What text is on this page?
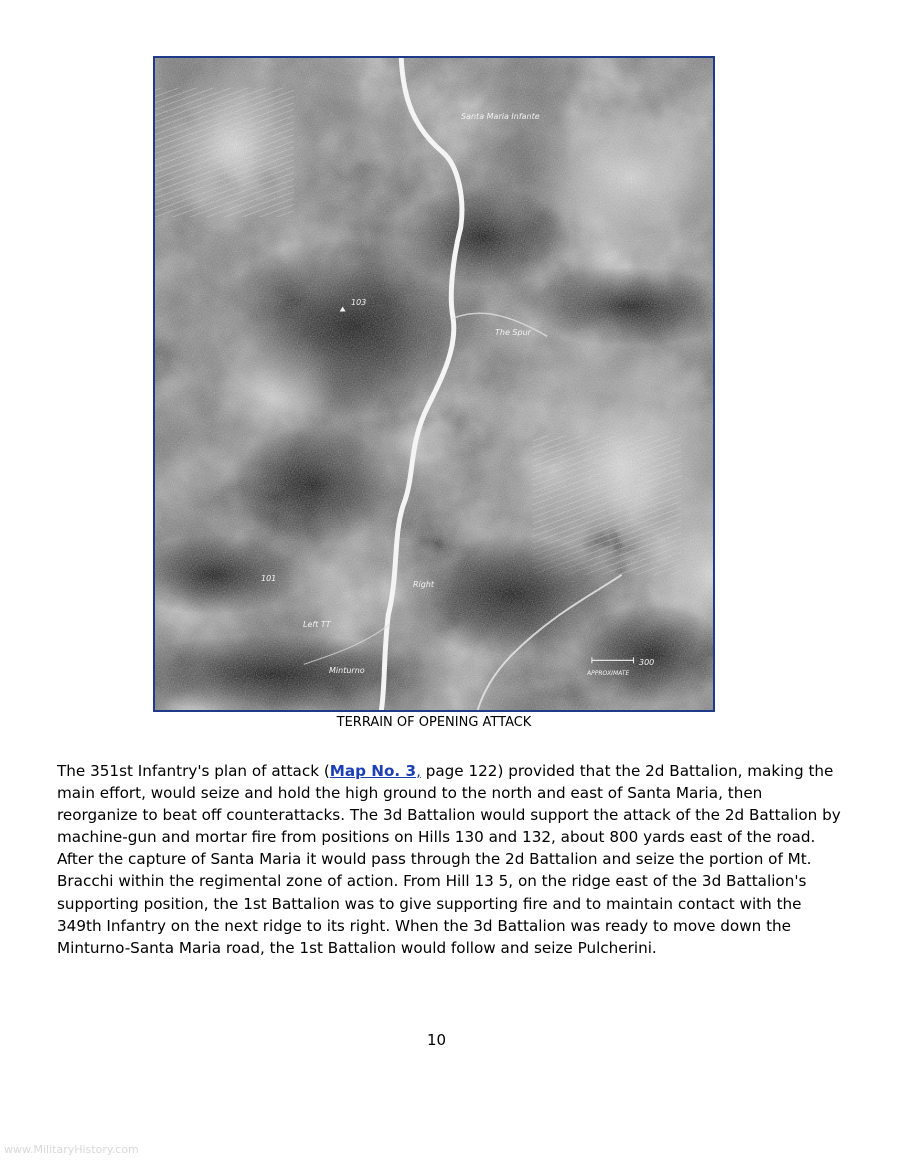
Santa Maria Infante
103
The Spur
101
Right
Left TT
Minturno
300
APPROXIMATE
TERRAIN OF OPENING ATTACK
The 351st Infantry's plan of attack (Map No. 3, page 122) provided that the 2d Battalion, making the main effort, would seize and hold the high ground to the north and east of Santa Maria, then reorganize to beat off counterattacks. The 3d Battalion would support the attack of the 2d Battalion by machine-gun and mortar fire from positions on Hills 130 and 132, about 800 yards east of the road. After the capture of Santa Maria it would pass through the 2d Battalion and seize the portion of Mt. Bracchi within the regimental zone of action. From Hill 13 5, on the ridge east of the 3d Battalion's supporting position, the 1st Battalion was to give supporting fire and to maintain contact with the 349th Infantry on the next ridge to its right. When the 3d Battalion was ready to move down the Minturno-Santa Maria road, the 1st Battalion would follow and seize Pulcherini.
10
www.MilitaryHistory.com
